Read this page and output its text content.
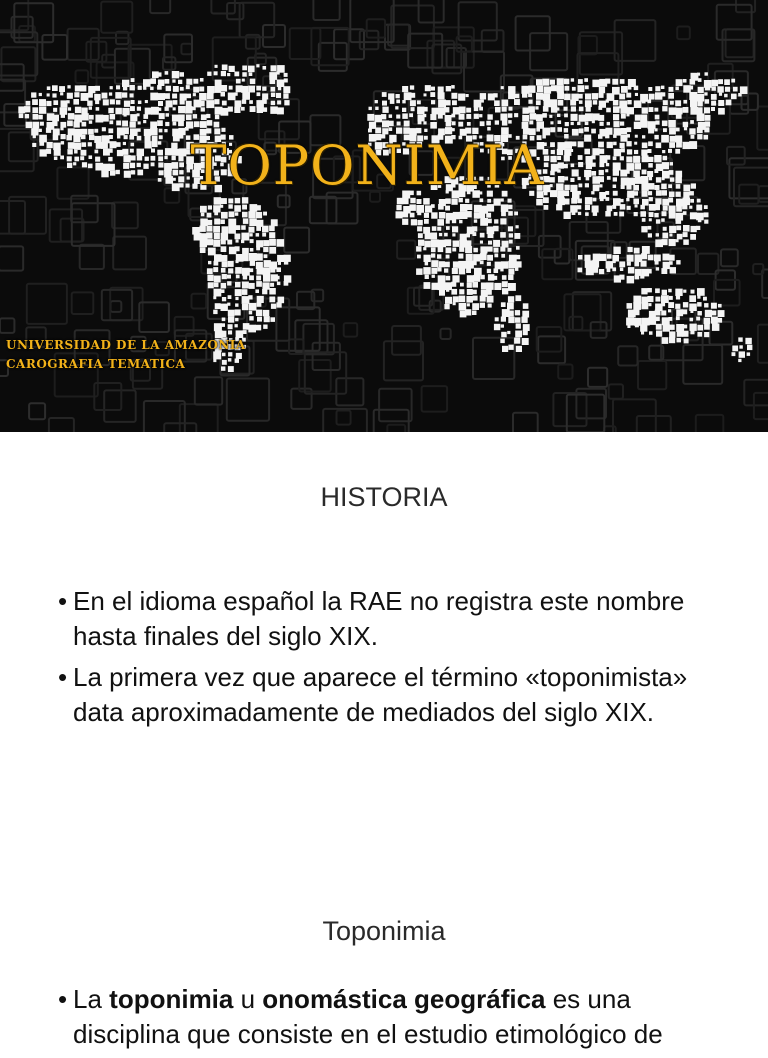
TOPONIMIA
UNIVERSIDAD DE LA AMAZONIA
CAROGRAFIA TEMATICA
HISTORIA
• En el idioma español la RAE no registra este nombre hasta finales del siglo XIX.
• La primera vez que aparece el término «toponimista» data aproximadamente de mediados del siglo XIX.
Toponimia
• La toponimia u onomástica geográfica es una disciplina que consiste en el estudio etimológico de
